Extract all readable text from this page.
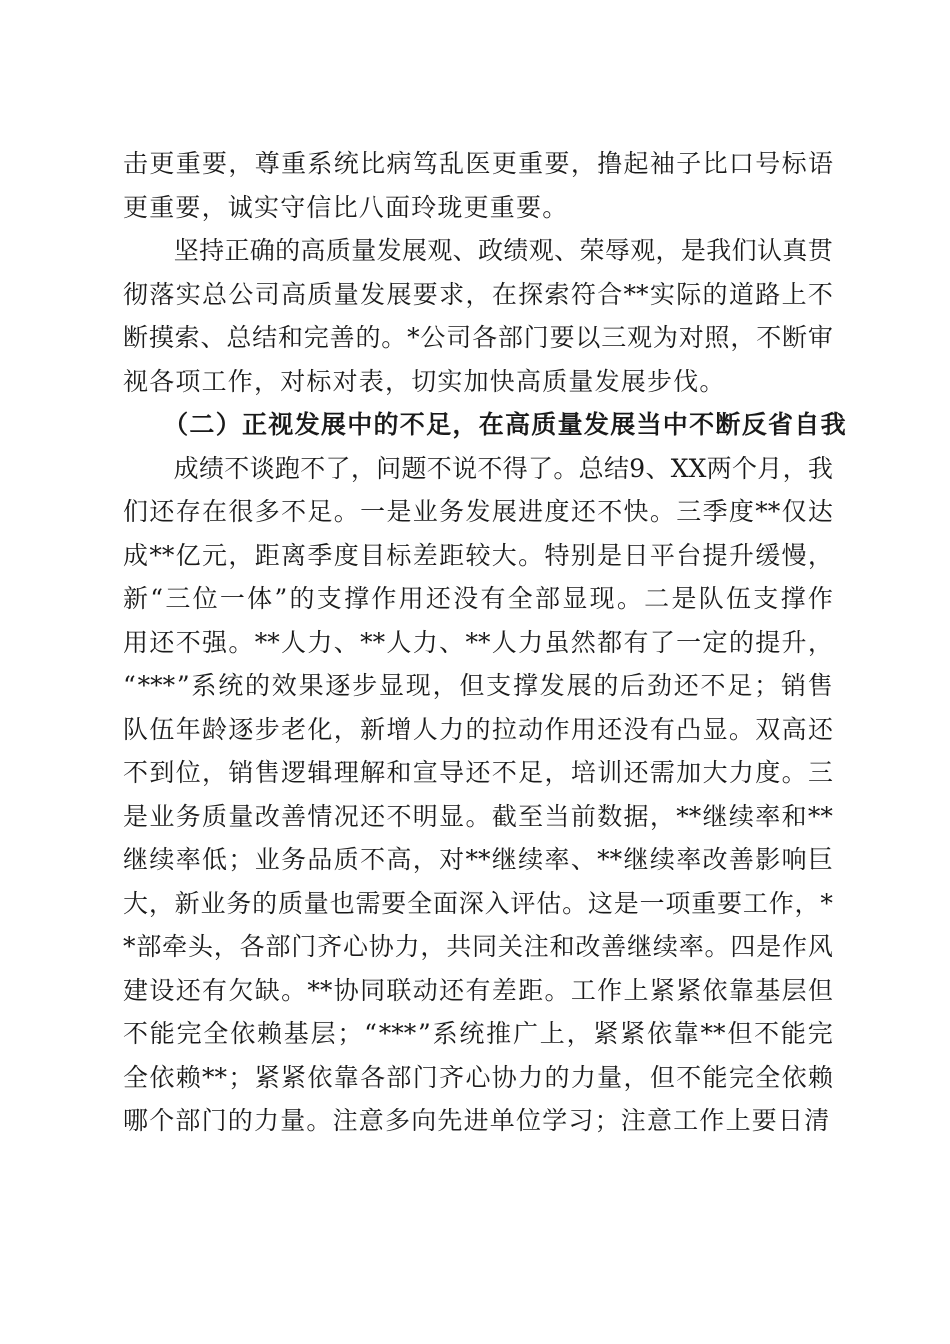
击 更 重 要 ， 尊 重 系 统 比 病 笃 乱 医 更 重 要 ， 撸 起 袖 子 比 口 号 标 语
更重要，诚实守信比八面玲珑更重要。

坚 持 正 确 的 高 质 量 发 展 观 、 政 绩 观 、 荣 辱 观 ， 是 我 们 认 真 贯
彻 落 实 总 公 司 高 质 量 发 展 要 求 ， 在 探 索 符 合 ** 实 际 的 道 路 上 不
断 摸 索 、 总 结 和 完 善 的 。 * 公 司 各 部 门 要 以 三 观 为 对 照 ， 不 断 审
视各项工作，对标对表，切实加快高质量发展步伐。
　　（二）正视发展中的不足，在高质量发展当中不断反省自我

成 绩 不 谈 跑 不 了 ， 问 题 不 说 不 得 了 。 总 结 9 、 XX 两 个 月 ， 我
们 还 存 在 很 多 不 足 。 一 是 业 务 发 展 进 度 还 不 快 。 三 季 度 ** 仅 达
成 ** 亿 元 ， 距 离 季 度 目 标 差 距 较 大 。 特 别 是 日 平 台 提 升 缓 慢 ，
新 “ 三 位 一 体 ” 的 支 撑 作 用 还 没 有 全 部 显 现 。 二 是 队 伍 支 撑 作
用 还 不 强 。 ** 人 力 、 ** 人 力 、 ** 人 力 虽 然 都 有 了 一 定 的 提 升 ，
“ *** ” 系 统 的 效 果 逐 步 显 现 ， 但 支 撑 发 展 的 后 劲 还 不 足 ； 销 售
队 伍 年 龄 逐 步 老 化 ， 新 增 人 力 的 拉 动 作 用 还 没 有 凸 显 。 双 高 还
不 到 位 ， 销 售 逻 辑 理 解 和 宣 导 还 不 足 ， 培 训 还 需 加 大 力 度 。 三
是 业 务 质 量 改 善 情 况 还 不 明 显 。 截 至 当 前 数 据 ， ** 继 续 率 和 **
继 续 率 低 ； 业 务 品 质 不 高 ， 对 ** 继 续 率 、 ** 继 续 率 改 善 影 响 巨
大 ， 新 业 务 的 质 量 也 需 要 全 面 深 入 评 估 。 这 是 一 项 重 要 工 作 ， *
* 部 牵 头 ， 各 部 门 齐 心 协 力 ， 共 同 关 注 和 改 善 继 续 率 。 四 是 作 风
建 设 还 有 欠 缺 。 ** 协 同 联 动 还 有 差 距 。 工 作 上 紧 紧 依 靠 基 层 但
不 能 完 全 依 赖 基 层 ； “ *** ” 系 统 推 广 上 ， 紧 紧 依 靠 ** 但 不 能 完
全 依 赖 ** ； 紧 紧 依 靠 各 部 门 齐 心 协 力 的 力 量 ， 但 不 能 完 全 依 赖
哪个部门的力量。注意多向先进单位学习；注意工作上要日清
